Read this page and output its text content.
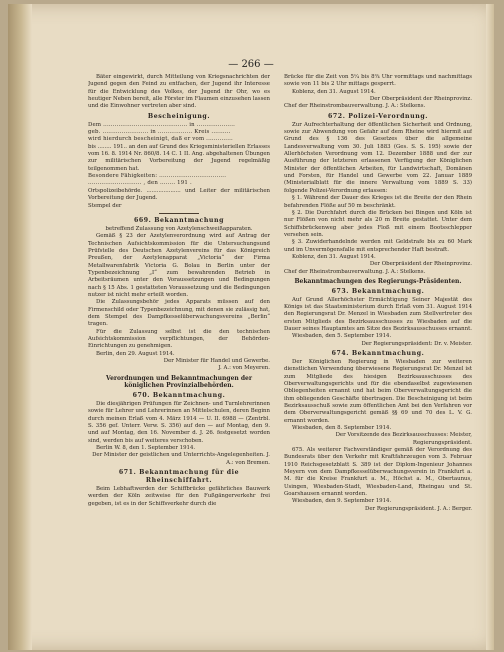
— 266 —

Bäter eingewirkt, durch Mitteilung von Kriegsnachrichten der Jugend gegen den Feind zu entfachen, der Jugend ihr Interesse für die Entwicklung des Volkes, der Jugend ihr Ohr, wo es heutiger Neben bereit, alle Förster im Flaumen einzusehen lassen und die Einwohner vertreten aber sind.

Bescheinigung.

Dem ............................................ in ....................

geb. ........................ in .................. Kreis ..........

wird hierdurch bescheinigt, daß er vom ..............

bis ........ 191.. an den auf Grund des Kriegsministeriellen Erlasses vom 16. 8. 1914 Nr. 860/8. 14 C. 1 II. Ang. abgehaltenen Übungen zur militärischen Vorbereitung der Jugend regelmäßig teilgenommen hat.

Besondere Fähigkeiten: ...................................

............................ , den ........ 191 .

Ortspolizeibehörde. .................... und Leiter der militärischen Vorbereitung der Jugend.

Stempel der

669. Bekanntmachung

betreffend Zulassung von Azetylenschweißapparaten.

Gemäß § 23 der Azetylenverordnung wird auf Antrag der Technischen Aufsichtskommission für die Untersuchungsund Prüfstelle des Deutschen Azetylenvereins für das Königreich Preußen, der Azetylenapparat „Victoria“ der Firma Metallwarenfabrik Victoria G. Bolau in Berlin unter der Typenbezeichnung „I“ zum bewahrenden Betrieb in Arbeitsräumen unter den Voraussetzungen und Bedingungen nach § 15 Abs. 1 gestatteten Voraussetzung und die Bedingungen nutzer ist nicht mehr erteilt worden.

Die Zulassungsbehör jedes Apparats müssen auf den Firmenschild oder Typenbezeichnung, mit denen sie zulässig hat, dem Stempel des Dampfkesselüberwachungsvereins „Berlin“ tragen.

Für die Zulassung selbst ist die den technischen Aufsichtskommission verpflichtungen, der Behörden-Einrichtungen zu genehmigen.

Berlin, den 29. August 1914.

Der Minister für Handel und Gewerbe.

J. A.: von Meyeren.

Verordnungen und Bekanntmachungen der königlichen Provinzialbehörden.
670. Bekanntmachung.

Die diesjährigen Prüfungen für Zeichnen- und Turnlehrerinnen sowie für Lehrer und Lehrerinnen an Mittelschulen, deren Beginn durch meinen Erlaß vom 4. März 1914 — U. II. 6988 — (Zentrbl. S. 356 gef. Unterr. Verw. S. 356) auf den — auf Montag, den 9. und auf Montag, den 16. November d. J. 26. festgesetzt worden sind, werden bis auf weiteres verschoben.

Berlin W. 8, den 1. September 1914.

Der Minister der geistlichen und Unterrichts-Angelegenheiten. J. A.: von Bremen.

671. Bekanntmachung für die Rheinschiffahrt.

Beim Lebhaftwerden der Schiffbrücke gefährliches Bauwerk werden der Köln zeitweise für den Fußgängerverkehr frei gegeben, ist es in der Schiffsverkehr durch die

Brücke für die Zeit von 5¼ bis 8¾ Uhr vormittags und nachmittags sowie von 11 bis 2 Uhr mittags gesperrt.

Koblenz, den 31. August 1914.

Der Oberpräsident der Rheinprovinz.

Chef der Rheinstrombauverwaltung. J. A.: Stelkens.

672. Polizei-Verordnung.

Zur Aufrechterhaltung der öffentlichen Sicherheit und Ordnung, sowie zur Abwendung von Gefahr auf dem Rheine wird hiermit auf Grund des § 136 des Gesetzes über die allgemeine Landesverwaltung vom 30. Juli 1883 (Ges. S. S. 195) sowie der Allerhöchsten Verordnung vom 12. Dezember 1888 und der zur Ausführung der letzteren erlassenen Verfügung der Königlichen Minister der öffentlichen Arbeiten, für Landwirtschaft, Domänen und Forsten, für Handel und Gewerbe vom 22. Januar 1889 (Ministerialblatt für die innere Verwaltung vom 1889 S. 33) folgende Polizei-Verordnung erlassen:

§ 1. Während der Dauer des Krieges ist die Breite der den Rhein befahrenden Flöße auf 50 m beschränkt.

§ 2. Die Durchfahrt durch die Brücken bei Bingen und Köln ist nur Flößen von nicht mehr als 20 m Breite gestattet. Unter dem Schiffsbrückenweg aber jedes Floß mit einem Bootsschlepper versehen sein.

§ 3. Zuwiderhandelnde werden mit Geldstrafe bis zu 60 Mark und im Unvermögensfalle mit entsprechender Haft bestraft.

Koblenz, den 31. August 1914.

Der Oberpräsident der Rheinprovinz.

Chef der Rheinstrombauverwaltung. J. A.: Stelkens.

Bekanntmachungen des Regierungs-Präsidenten.
673. Bekanntmachung.

Auf Grund Allerhöchster Ermächtigung Seiner Majestät des Königs ist das Staatsministerium durch Erlaß vom 31. August 1914 den Regierungsrat Dr. Menzel in Wiesbaden zum Stellvertreter des ersten Mitglieds des Bezirksausschusses zu Wiesbaden auf die Dauer seines Hauptamtes am Sitze des Bezirksausschusses ernannt.

Wiesbaden, den 5. September 1914.

Der Regierungspräsident: Dr. v. Meister.

674. Bekanntmachung.

Der Königlichen Regierung in Wiesbaden zur weiteren dienstlichen Verwendung überwiesene Regierungsrat Dr. Menzel ist zum Mitgliede des hiesigen Bezirksausschusses des Oberverwaltungsgerichts und für die ebendaselbst zugewiesenen Obliegenheiten ernannt und hat beim Oberverwaltungsgericht die ihm obliegenden Geschäfte übertragen. Die Bescheinigung ist beim Bezirksausschuß sowie zum öffentlichen Amt bei den Verfahren vor dem Oberverwaltungsgericht gemäß §§ 69 und 70 des L. V. G. ernannt worden.

Wiesbaden, den 8. September 1914.

Der Vorsitzende des Bezirksausschusses: Meister, Regierungspräsident.

675. Als weiterer Fachverständiger gemäß der Verordnung des Bundesrats über den Verkehr mit Kraftfahrzeugen vom 3. Februar 1910 Reichsgesetzblatt S. 389 ist der Diplom-Ingenieur Johannes Meyern von dem Dampfkesselüberwachungsverein in Frankfurt a. M. für die Kreise Frankfurt a. M., Höchst a. M., Obertaunus, Usingen, Wiesbaden-Stadt, Wiesbaden-Land, Rheingau und St. Goarshausen ernannt worden.

Wiesbaden, den 9. September 1914.

Der Regierungspräsident. J. A.: Berger.
